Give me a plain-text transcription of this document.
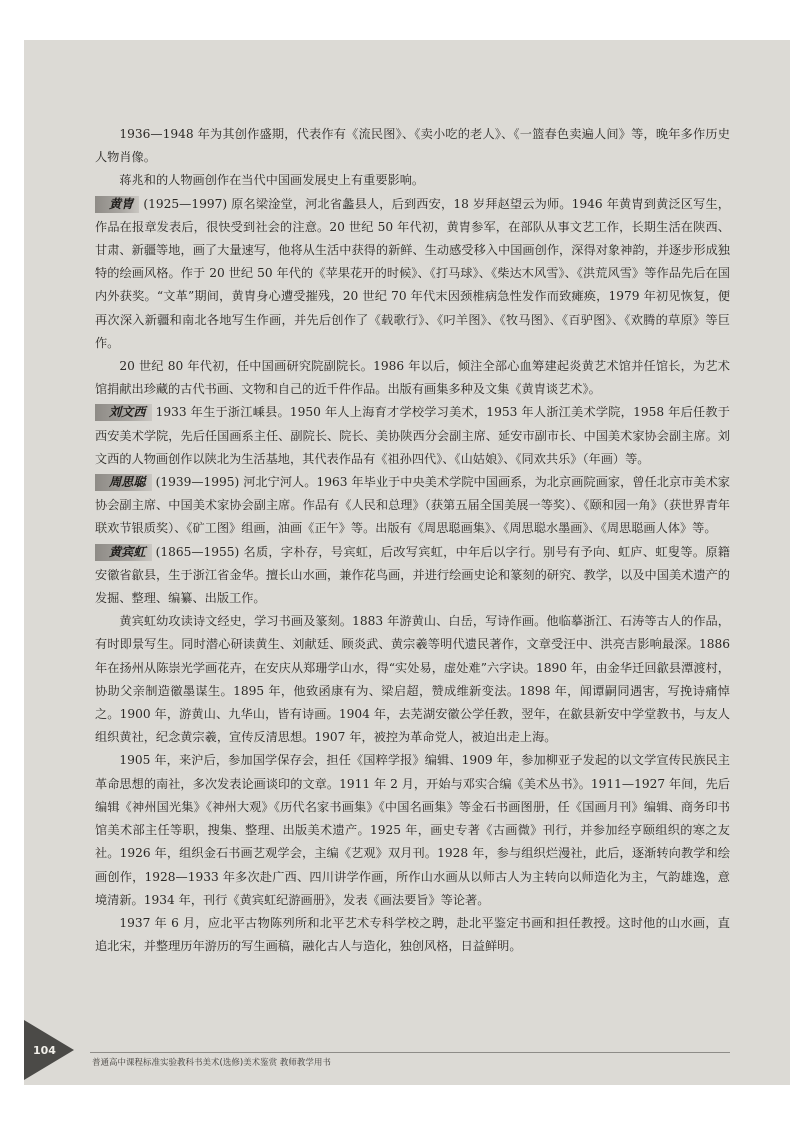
1936—1948 年为其创作盛期，代表作有《流民图》、《卖小吃的老人》、《一篮春色卖遍人间》等，晚年多作历史人物肖像。

蒋兆和的人物画创作在当代中国画发展史上有重要影响。

黄胄 (1925—1997) 原名梁淦堂，河北省蠡县人，后到西安，18 岁拜赵望云为师。1946 年黄胄到黄泛区写生，作品在报章发表后，很快受到社会的注意。20 世纪 50 年代初，黄胄参军，在部队从事文艺工作，长期生活在陕西、甘肃、新疆等地，画了大量速写，他将从生活中获得的新鲜、生动感受移入中国画创作，深得对象神韵，并逐步形成独特的绘画风格。作于 20 世纪 50 年代的《苹果花开的时候》、《打马球》、《柴达木风雪》、《洪荒风雪》等作品先后在国内外获奖。“文革”期间，黄胄身心遭受摧残，20 世纪 70 年代末因颈椎病急性发作而致瘫痪，1979 年初见恢复，便再次深入新疆和南北各地写生作画，并先后创作了《载歌行》、《叼羊图》、《牧马图》、《百驴图》、《欢腾的草原》等巨作。

20 世纪 80 年代初，任中国画研究院副院长。1986 年以后，倾注全部心血筹建起炎黄艺术馆并任馆长，为艺术馆捐献出珍藏的古代书画、文物和自己的近千件作品。出版有画集多种及文集《黄胄谈艺术》。

刘文西 1933 年生于浙江嵊县。1950 年人上海育才学校学习美术，1953 年人浙江美术学院，1958 年后任教于西安美术学院，先后任国画系主任、副院长、院长、美协陕西分会副主席、延安市副市长、中国美术家协会副主席。刘文西的人物画创作以陕北为生活基地，其代表作品有《祖孙四代》、《山姑娘》、《同欢共乐》（年画）等。

周思聪 (1939—1995) 河北宁河人。1963 年毕业于中央美术学院中国画系，为北京画院画家，曾任北京市美术家协会副主席、中国美术家协会副主席。作品有《人民和总理》（获第五届全国美展一等奖）、《颐和园一角》（获世界青年联欢节银质奖）、《矿工图》组画，油画《正午》等。出版有《周思聪画集》、《周思聪水墨画》、《周思聪画人体》等。

黄宾虹 (1865—1955) 名质，字朴存，号宾虹，后改写宾虹，中年后以字行。别号有予向、虹庐、虹叟等。原籍安徽省歙县，生于浙江省金华。擅长山水画，兼作花鸟画，并进行绘画史论和篆刻的研究、教学，以及中国美术遗产的发掘、整理、编纂、出版工作。

黄宾虹幼攻读诗文经史，学习书画及篆刻。1883 年游黄山、白岳，写诗作画。他临摹浙江、石涛等古人的作品，有时即景写生。同时潜心研读黄生、刘献廷、顾炎武、黄宗羲等明代遗民著作，文章受汪中、洪亮吉影响最深。1886 年在扬州从陈崇光学画花卉，在安庆从郑珊学山水，得“实处易，虚处难”六字诀。1890 年，由金华迁回歙县潭渡村，协助父亲制造徽墨谋生。1895 年，他致函康有为、梁启超，赞成维新变法。1898 年，闻谭嗣同遇害，写挽诗痛悼之。1900 年，游黄山、九华山，皆有诗画。1904 年，去芜湖安徽公学任教，翌年，在歙县新安中学堂教书，与友人组织黄社，纪念黄宗羲，宣传反清思想。1907 年，被控为革命党人，被迫出走上海。

1905 年，来沪后，参加国学保存会，担任《国粹学报》编辑、1909 年，参加柳亚子发起的以文学宣传民族民主革命思想的南社，多次发表论画谈印的文章。1911 年 2 月，开始与邓实合编《美术丛书》。1911—1927 年间，先后编辑《神州国光集》《神州大观》《历代名家书画集》《中国名画集》等金石书画图册，任《国画月刊》编辑、商务印书馆美术部主任等职，搜集、整理、出版美术遗产。1925 年，画史专著《古画微》刊行，并参加经亨颐组织的寒之友社。1926 年，组织金石书画艺观学会，主编《艺观》双月刊。1928 年，参与组织烂漫社，此后，逐渐转向教学和绘画创作，1928—1933 年多次赴广西、四川讲学作画，所作山水画从以师古人为主转向以师造化为主，气韵雄逸，意境清新。1934 年，刊行《黄宾虹纪游画册》，发表《画法要旨》等论著。

1937 年 6 月，应北平古物陈列所和北平艺术专科学校之聘，赴北平鉴定书画和担任教授。这时他的山水画，直追北宋，并整理历年游历的写生画稿，融化古人与造化，独创风格，日益鲜明。

104
普通高中课程标准实验教科书美术(选修)美术鉴赏 教师教学用书
